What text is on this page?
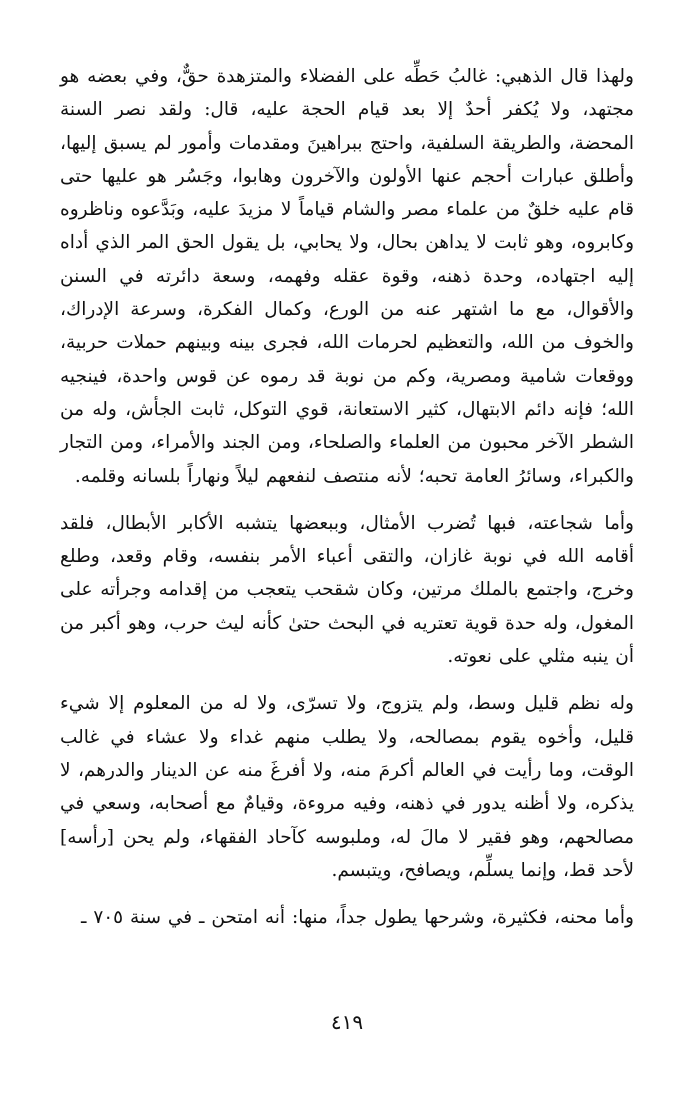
ولهذا قال الذهبي: غالبُ حَطِّه على الفضلاء والمتزهدة حقٌّ، وفي بعضه هو مجتهد، ولا يُكفر أحدٌ إلا بعد قيام الحجة عليه، قال: ولقد نصر السنة المحضة، والطريقة السلفية، واحتج ببراهينَ ومقدمات وأمور لم يسبق إليها، وأطلق عبارات أحجم عنها الأولون والآخرون وهابوا، وجَسُر هو عليها حتى قام عليه خلقٌ من علماء مصر والشام قياماً لا مزيدَ عليه، وبَدَّعوه وناظروه وكابروه، وهو ثابت لا يداهن بحال، ولا يحابي، بل يقول الحق المر الذي أداه إليه اجتهاده، وحدة ذهنه، وقوة عقله وفهمه، وسعة دائرته في السنن والأقوال، مع ما اشتهر عنه من الورع، وكمال الفكرة، وسرعة الإدراك، والخوف من الله، والتعظيم لحرمات الله، فجرى بينه وبينهم حملات حربية، ووقعات شامية ومصرية، وكم من نوبة قد رموه عن قوس واحدة، فينجيه الله؛ فإنه دائم الابتهال، كثير الاستعانة، قوي التوكل، ثابت الجأش، وله من الشطر الآخر محبون من العلماء والصلحاء، ومن الجند والأمراء، ومن التجار والكبراء، وسائرُ العامة تحبه؛ لأنه منتصف لنفعهم ليلاً ونهاراً بلسانه وقلمه.

وأما شجاعته، فبها تُضرب الأمثال، وببعضها يتشبه الأكابر الأبطال، فلقد أقامه الله في نوبة غازان، والتقى أعباء الأمر بنفسه، وقام وقعد، وطلع وخرج، واجتمع بالملك مرتين، وكان شقحب يتعجب من إقدامه وجرأته على المغول، وله حدة قوية تعتريه في البحث حتىٰ كأنه ليث حرب، وهو أكبر من أن ينبه مثلي على نعوته.

وله نظم قليل وسط، ولم يتزوج، ولا تسرّى، ولا له من المعلوم إلا شيء قليل، وأخوه يقوم بمصالحه، ولا يطلب منهم غداء ولا عشاء في غالب الوقت، وما رأيت في العالم أكرمَ منه، ولا أفرغَ منه عن الدينار والدرهم، لا يذكره، ولا أظنه يدور في ذهنه، وفيه مروءة، وقيامٌ مع أصحابه، وسعي في مصالحهم، وهو فقير لا مالَ له، وملبوسه كآحاد الفقهاء، ولم يحن [رأسه] لأحد قط، وإنما يسلِّم، ويصافح، ويتبسم.

وأما محنه، فكثيرة، وشرحها يطول جداً، منها: أنه امتحن ـ في سنة ٧٠٥ ـ

٤١٩
